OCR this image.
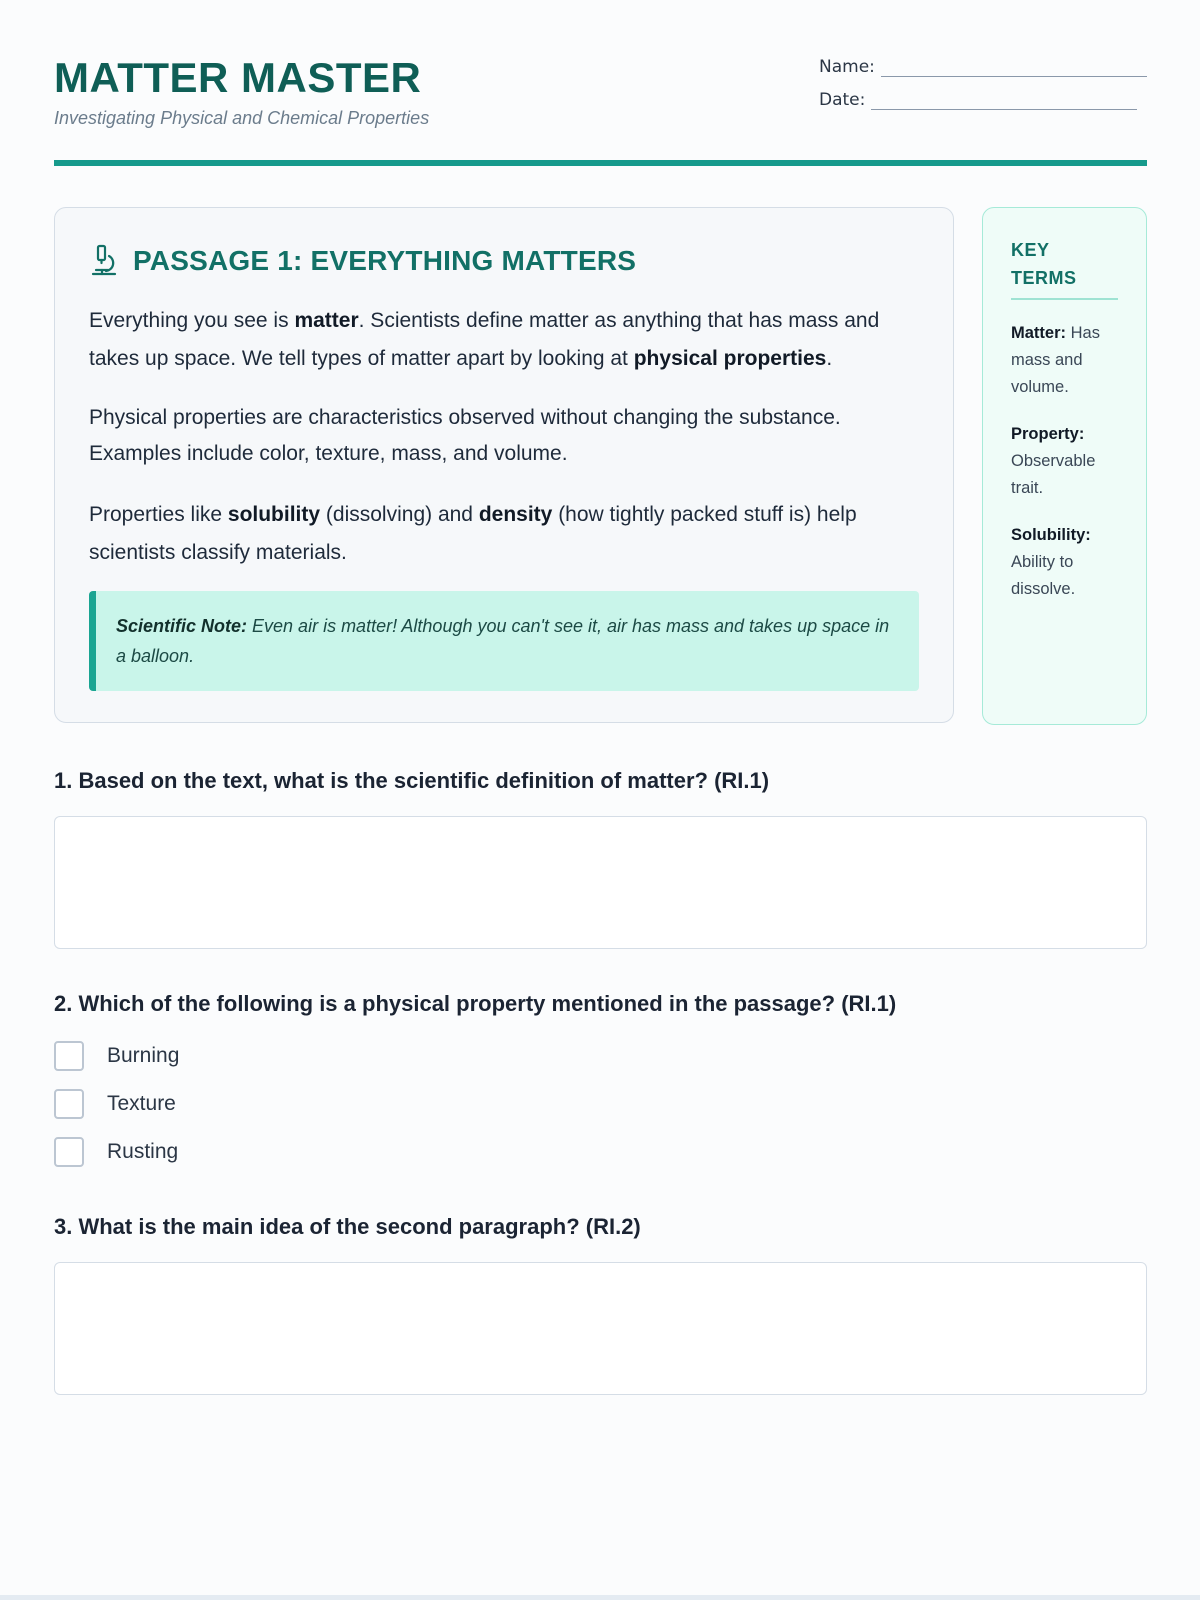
MATTER MASTER

Investigating Physical and Chemical Properties

Name:
Date:
PASSAGE 1: EVERYTHING MATTERS

Everything you see is matter. Scientists define matter as anything that has mass and takes up space. We tell types of matter apart by looking at physical properties.

Physical properties are characteristics observed without changing the substance. Examples include color, texture, mass, and volume.

Properties like solubility (dissolving) and density (how tightly packed stuff is) help scientists classify materials.

Scientific Note: Even air is matter! Although you can't see it, air has mass and takes up space in a balloon.
KEY TERMS
Matter: Has mass and volume.
Property: Observable trait.
Solubility: Ability to dissolve.
1. Based on the text, what is the scientific definition of matter? (RI.1)
2. Which of the following is a physical property mentioned in the passage? (RI.1)
Burning
Texture
Rusting
3. What is the main idea of the second paragraph? (RI.2)
